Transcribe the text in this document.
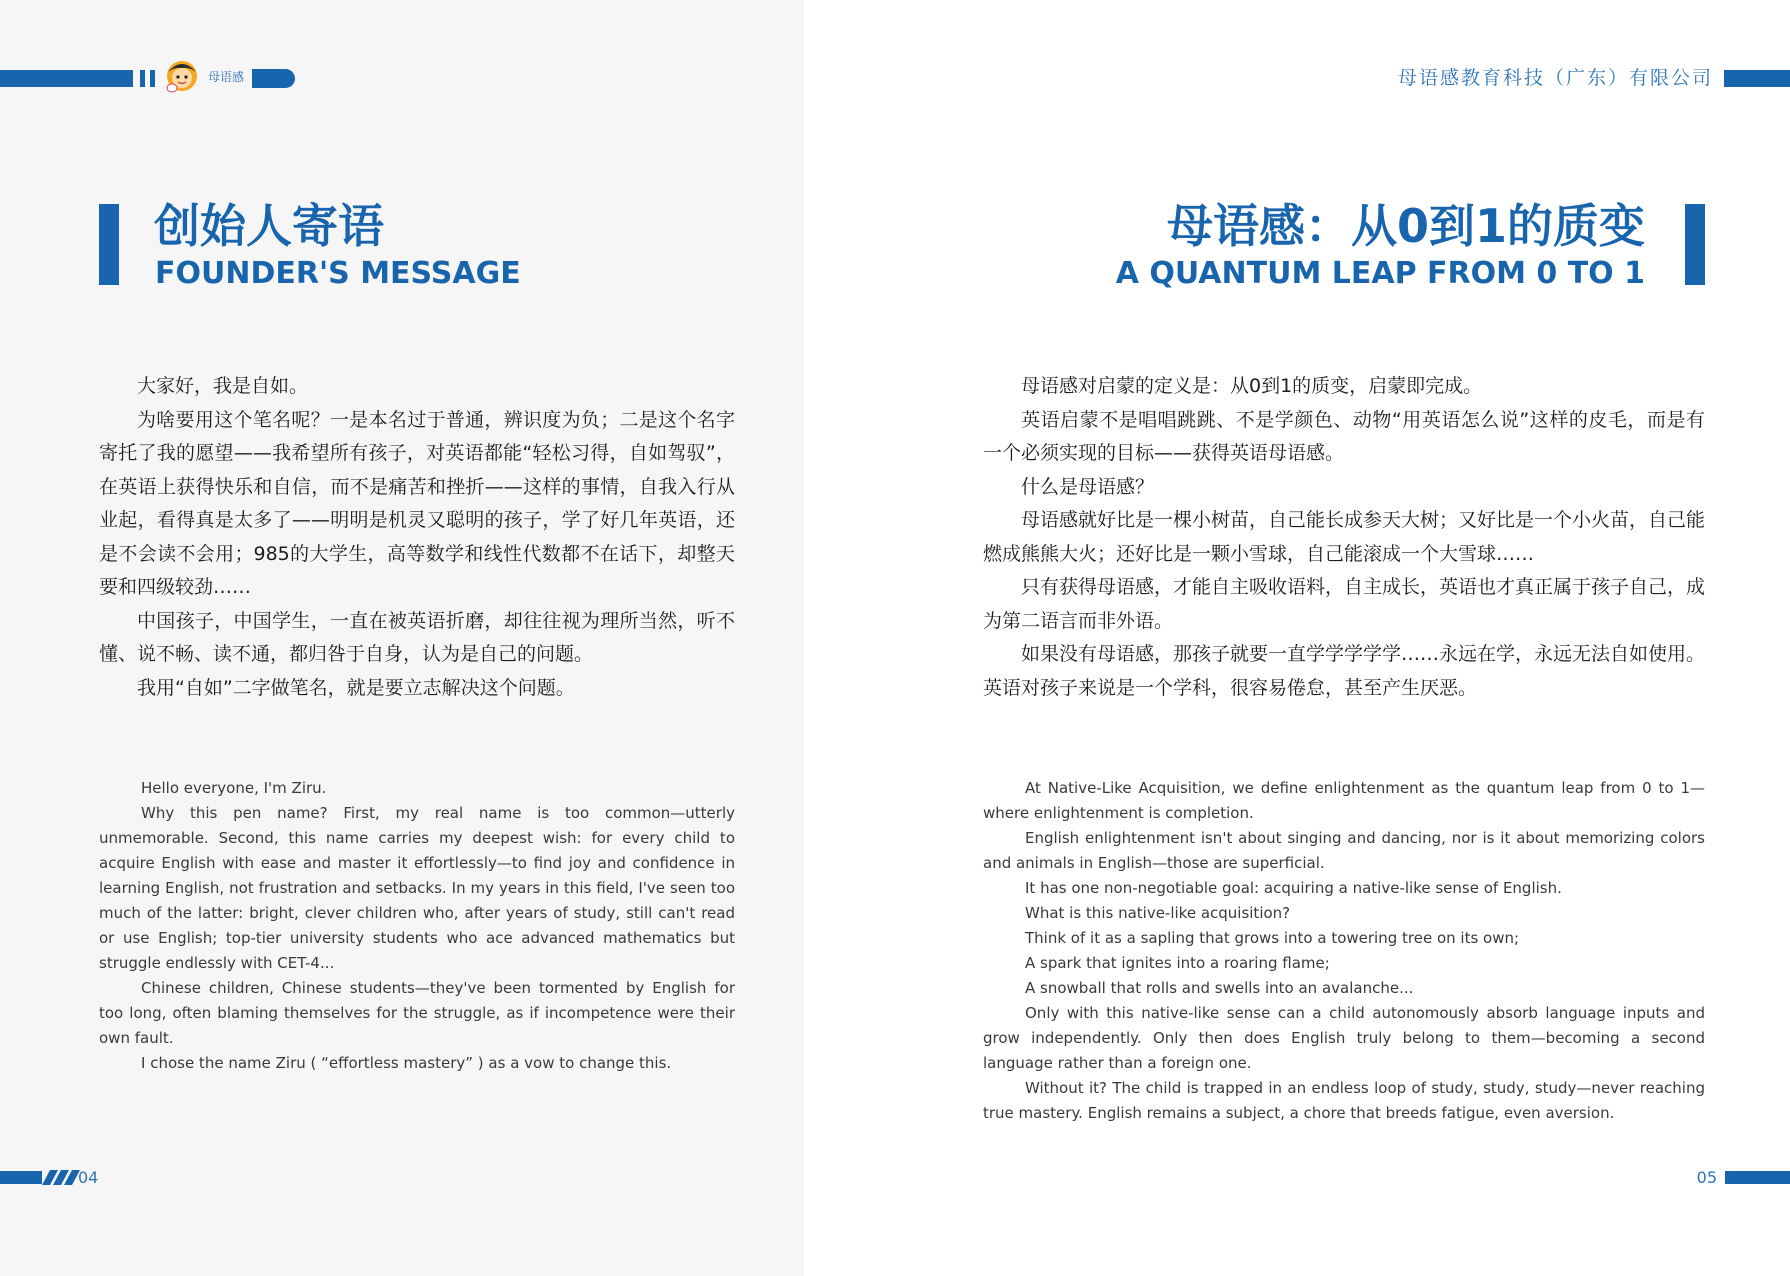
母语感
创始人寄语
FOUNDER'S MESSAGE

大家好，我是自如。

为啥要用这个笔名呢？一是本名过于普通，辨识度为负；二是这个名字寄托了我的愿望——我希望所有孩子，对英语都能“轻松习得，自如驾驭”，在英语上获得快乐和自信，而不是痛苦和挫折——这样的事情，自我入行从业起，看得真是太多了——明明是机灵又聪明的孩子，学了好几年英语，还是不会读不会用；985的大学生，高等数学和线性代数都不在话下，却整天要和四级较劲……

中国孩子，中国学生，一直在被英语折磨，却往往视为理所当然，听不懂、说不畅、读不通，都归咎于自身，认为是自己的问题。

我用“自如”二字做笔名，就是要立志解决这个问题。

Hello everyone, I'm Ziru.

Why this pen name? First, my real name is too common—utterly unmemorable. Second, this name carries my deepest wish: for every child to acquire English with ease and master it effortlessly—to find joy and confidence in learning English, not frustration and setbacks. In my years in this field, I've seen too much of the latter: bright, clever children who, after years of study, still can't read or use English; top-tier university students who ace advanced mathematics but struggle endlessly with CET-4...

Chinese children, Chinese students—they've been tormented by English for too long, often blaming themselves for the struggle, as if incompetence were their own fault.

I chose the name Ziru ( “effortless mastery” ) as a vow to change this.

04
母语感教育科技（广东）有限公司
母语感：从0到1的质变
A QUANTUM LEAP FROM 0 TO 1

母语感对启蒙的定义是：从0到1的质变，启蒙即完成。

英语启蒙不是唱唱跳跳、不是学颜色、动物“用英语怎么说”这样的皮毛，而是有一个必须实现的目标——获得英语母语感。

什么是母语感？

母语感就好比是一棵小树苗，自己能长成参天大树；又好比是一个小火苗，自己能燃成熊熊大火；还好比是一颗小雪球，自己能滚成一个大雪球……

只有获得母语感，才能自主吸收语料，自主成长，英语也才真正属于孩子自己，成为第二语言而非外语。

如果没有母语感，那孩子就要一直学学学学学……永远在学，永远无法自如使用。英语对孩子来说是一个学科，很容易倦怠，甚至产生厌恶。

At Native-Like Acquisition, we define enlightenment as the quantum leap from 0 to 1—where enlightenment is completion.

English enlightenment isn't about singing and dancing, nor is it about memorizing colors and animals in English—those are superficial.

It has one non-negotiable goal: acquiring a native-like sense of English.

What is this native-like acquisition?

Think of it as a sapling that grows into a towering tree on its own;

A spark that ignites into a roaring flame;

A snowball that rolls and swells into an avalanche...

Only with this native-like sense can a child autonomously absorb language inputs and grow independently. Only then does English truly belong to them—becoming a second language rather than a foreign one.

Without it? The child is trapped in an endless loop of study, study, study—never reaching true mastery. English remains a subject, a chore that breeds fatigue, even aversion.

05
